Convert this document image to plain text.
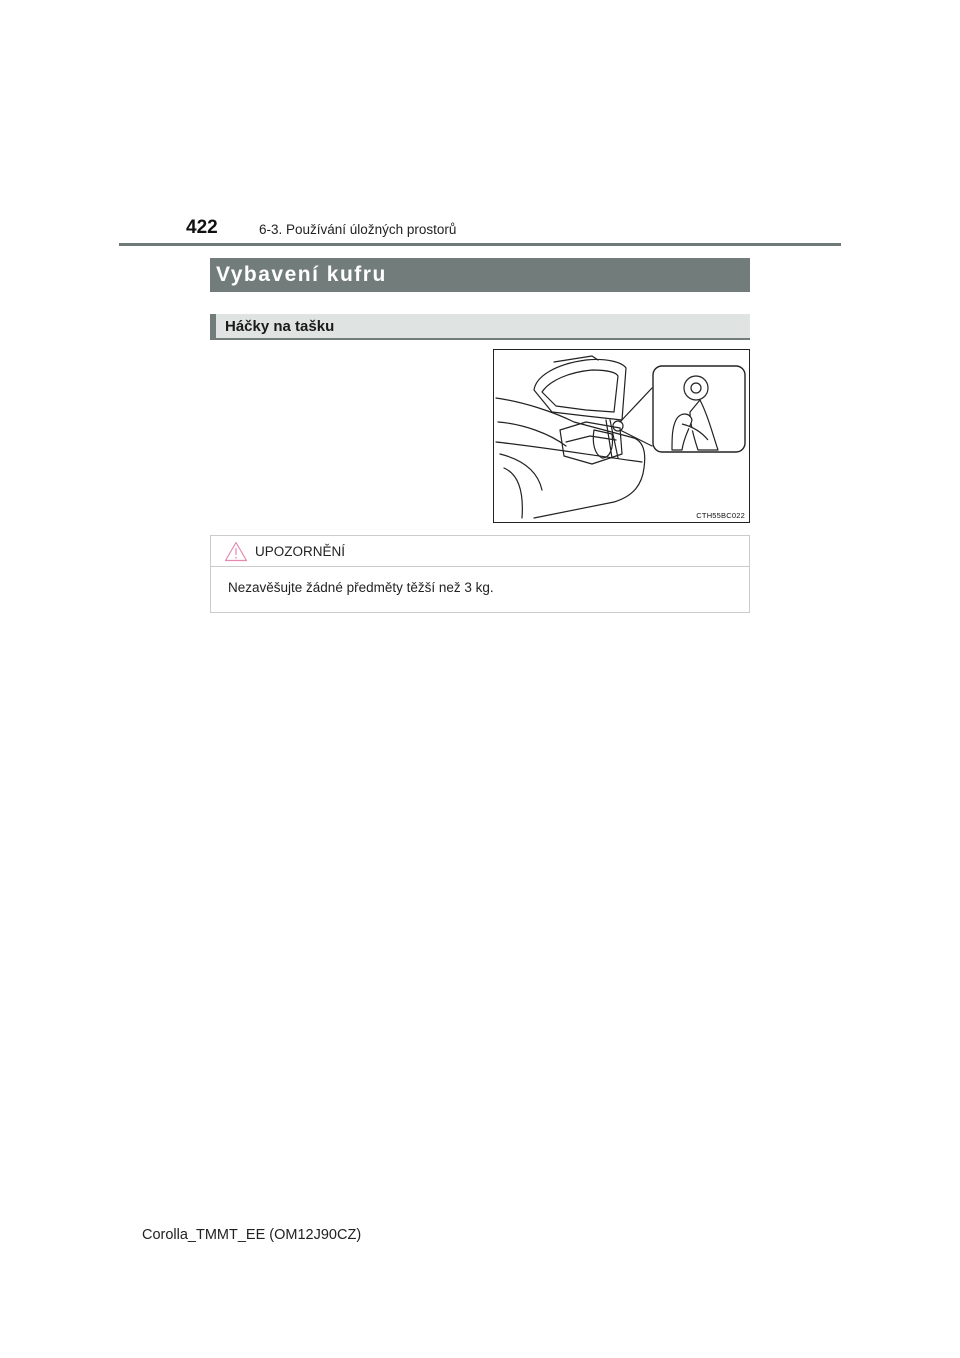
422	6-3. Používání úložných prostorů
Vybavení kufru
Háčky na tašku
CTH55BC022
UPOZORNĚNÍ
Nezavěšujte žádné předměty těžší než 3 kg.
Corolla_TMMT_EE (OM12J90CZ)
